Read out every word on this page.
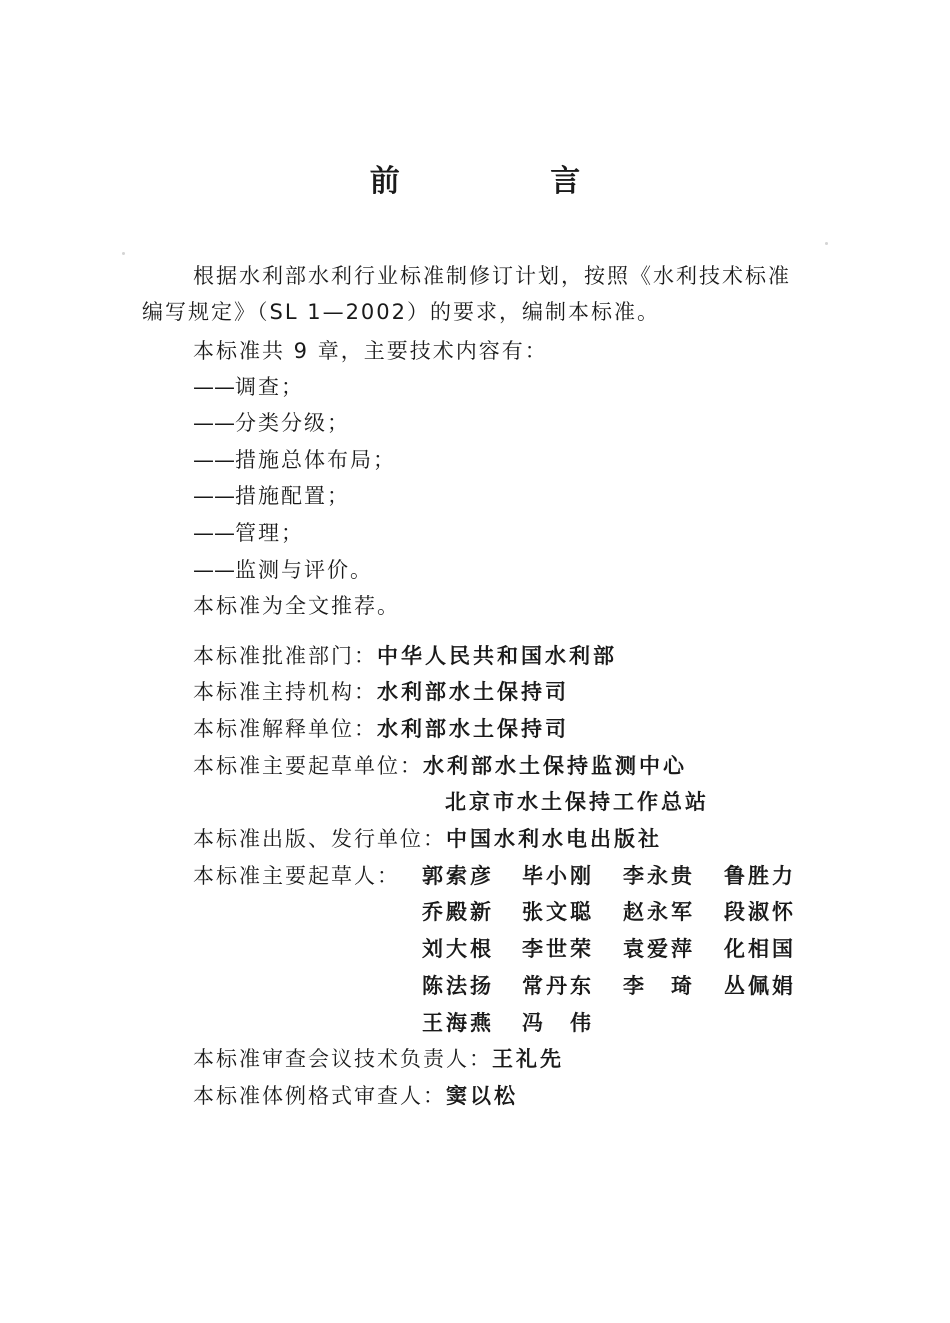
前 言
根据水利部水利行业标准制修订计划，按照《水利技术标准
编写规定》（SL 1—2002）的要求，编制本标准。
本标准共 9 章，主要技术内容有：
——调查；
——分类分级；
——措施总体布局；
——措施配置；
——管理；
——监测与评价。
本标准为全文推荐。
本标准批准部门：中华人民共和国水利部
本标准主持机构：水利部水土保持司
本标准解释单位：水利部水土保持司
本标准主要起草单位：水利部水土保持监测中心
北京市水土保持工作总站
本标准出版、发行单位：中国水利水电出版社
本标准主要起草人： 郭索彦 毕小刚 李永贵 鲁胜力
乔殿新 张文聪 赵永军 段淑怀
刘大根 李世荣 袁爱萍 化相国
陈法扬 常丹东 李　琦 丛佩娟
王海燕 冯　伟
本标准审查会议技术负责人：王礼先
本标准体例格式审查人：窦以松
